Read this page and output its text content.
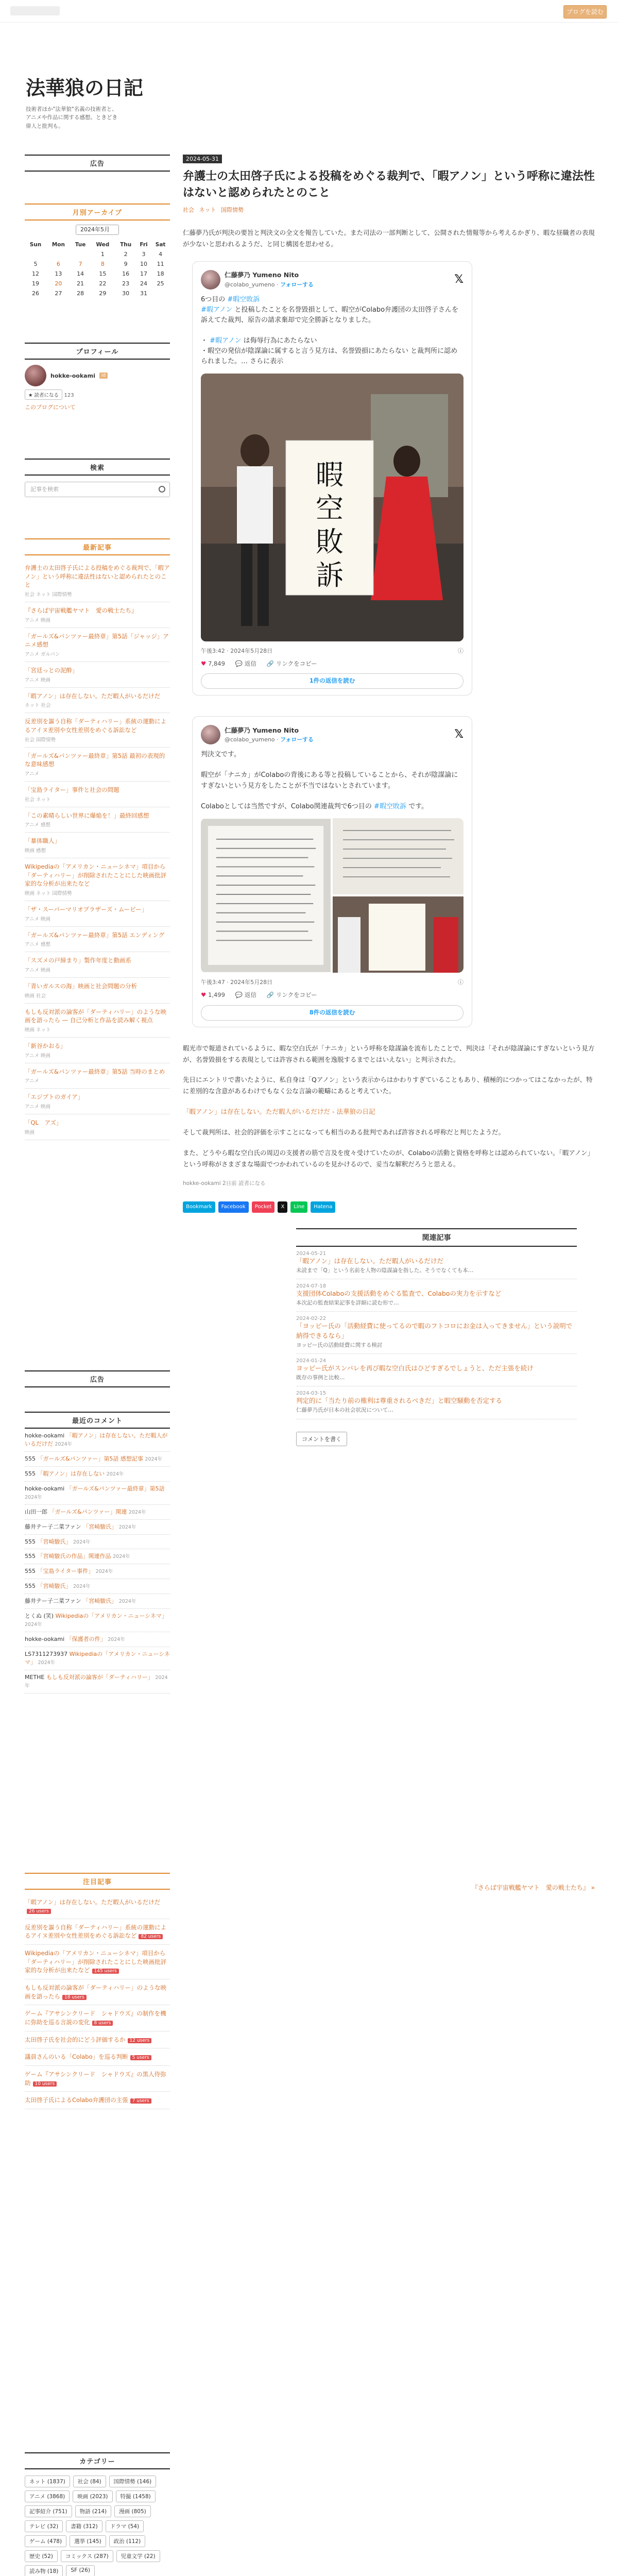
ブログを読む
法華狼の日記
技術者ほか"法華狼"名義の技術者と、アニメや作品に関する感想。ときどき偉人と批判も。
広告
月別アーカイブ
2024年5月
Sun	Mon	Tue	Wed	Thu	Fri	Sat
			1	2	3	4
5	6	7	8	9	10	11
12	13	14	15	16	17	18
19	20	21	22	23	24	25
26	27	28	29	30	31	
プロフィール
hokke-ookami	id
★ 読者になる 123
このブログについて
検索
記事を検索
最新記事
弁護士の太田啓子氏による投稿をめぐる裁判で、「暇アノン」という呼称に違法性はないと認められたとのこと
社会 ネット 国際情勢
『さらば宇宙戦艦ヤマト　愛の戦士たち』
アニメ 映画
「ガールズ&パンツァー最終章」第5話「ジャッジ」アニメ感想
アニメ ガルパン
「宮廷っとの泥酔」
アニメ 映画
「暇アノン」は存在しない。ただ暇人がいるだけだ
ネット 社会
反差別を謳う自称「ダーティハリー」系統の運動によるアイヌ差別や女性差別をめぐる訴訟など
社会 国際情勢
「ガールズ&パンツァー最終章」第5話 最初の表現的な意味感想
アニメ
「宝島ライター」事件と社会の問題
社会 ネット
「この素晴らしい世界に爆焔を！」最終回感想
アニメ 感想
「暴体職人」
映画 感想
Wikipediaの「アメリカン・ニューシネマ」項目から「ダーティハリー」が削除されたことにした映画批評家的な分析が出来たなど
映画 ネット 国際情勢
「ザ・スーパーマリオブラザーズ・ムービー」
アニメ 映画
「ガールズ&パンツァー最終章」第5話 エンディング
アニメ 感想
「スズメの戸締まり」製作年度と動画系
アニメ 映画
「青いガルスの海」映画と社会問題の分析
映画 社会
もしも反対派の論客が「ダーティハリー」のような映画を語ったら — 自己分析と作品を読み解く視点
映画 ネット
「新谷かおる」
アニメ 映画
「ガールズ&パンツァー最終章」第5話 当時のまとめ
アニメ
「エジプトのガイア」
アニメ 映画
「QL　アズ」
映画
広告
最近のコメント
hokke-ookami 「暇アノン」は存在しない。ただ暇人がいるだけだ 2024年
555 「ガールズ&パンツァー」第5話 感想記事 2024年
555 「暇アノン」は存在しない 2024年
hokke-ookami 「ガールズ&パンツァー最終章」第5話 2024年
山田一郎 「ガールズ&パンツァー」関連 2024年
藤井テー子二菜ファン 「宮崎駿氏」 2024年
555 「宮崎駿氏」 2024年
555 「宮崎駿氏の作品」関連作品 2024年
555 「宝島ライター事件」 2024年
555 「宮崎駿氏」 2024年
藤井テー子二菜ファン 「宮崎駿氏」 2024年
とくぬ (笑) Wikipediaの「アメリカン・ニューシネマ」 2024年
hokke-ookami 「保護者の件」 2024年
LS7311273937 Wikipediaの「アメリカン・ニューシネマ」 2024年
METHE もしも反対派の論客が「ダーティハリー」 2024年
注目記事
「暇アノン」は存在しない。ただ暇人がいるだけだ26 users
反差別を謳う自称「ダーティハリー」系統の運動によるアイヌ差別や女性差別をめぐる訴訟など 82 users
Wikipediaの「アメリカン・ニューシネマ」項目から「ダーティハリー」が削除されたことにした映画批評家的な分析が出来たなど 145 users
もしも反対派の論客が「ダーティハリー」のような映画を語ったら 18 users
ゲーム『アサシンクリード　シャドウズ』の制作を機に弥助を巡る言説の変化 8 users
太田啓子氏を社会的にどう評価するか 12 users
議員さんのいる「Colabo」を巡る判断 5 users
ゲーム『アサシンクリード　シャドウズ』の黒人侍弥助 10 users
太田啓子氏によるColabo弁護団の主張 7 users
カテゴリー
ネット (1837)	社会 (84)	国際情勢 (146)
アニメ (3868)	映画 (2023)	特撮 (1458)
記事紹介 (751)	物語 (214)	漫画 (805)
テレビ (32)	書籍 (312)	ドラマ (54)
ゲーム (478)	選挙 (145)	政治 (112)
歴史 (52)	コミックス (287)	児童文学 (22)
読み物 (18)	SF (26)
2024-05-31
弁護士の太田啓子氏による投稿をめぐる裁判で、「暇アノン」という呼称に違法性はないと認められたとのこと
社会 ネット 国際情勢

仁藤夢乃氏が判決の要旨と判決文の全文を報告していた。また司法の一部判断として、公開された情報等から考えるかぎり、暇な昼職者の表現が少ないと思われるようだ、と同じ構図を思わせる。

仁藤夢乃 Yumeno Nito
@colabo_yumeno · フォローする	𝕏
6つ目の #暇空敗訴
#暇アノン と投稿したことを名誉毀損として、暇空がColabo弁護団の太田啓子さんを訴えてた裁判、原告の請求棄却で完全勝訴となりました。

・ #暇アノン は侮辱行為にあたらない
・暇空の発信が陰謀論に属すると言う見方は、名誉毀損にあたらない と裁判所に認められました。… さらに表示
暇
空
敗
訴
午後3:42 · 2024年5月28日	ⓘ
♥ 7,849 💬 返信 🔗 リンクをコピー
1件の返信を読む
仁藤夢乃 Yumeno Nito
@colabo_yumeno · フォローする	𝕏
判決文です。

暇空が「ナニカ」がColaboの背後にある等と投稿していることから、それが陰謀論にすぎないという見方をしたことが不当ではないとされています。

Colaboとしては当然ですが、Colabo関連裁判で6つ目の #暇空敗訴 です。
午後3:47 · 2024年5月28日	ⓘ
♥ 1,499 💬 返信 🔗 リンクをコピー
8件の返信を読む

暇光市で報道されているように、暇な空白氏が「ナニカ」という呼称を陰謀論を流布したことで、判決は「それが陰謀論にすぎないという見方が、名誉毀損をする表現としては許容される範囲を逸脱するまでとはいえない」と判示された。

先日にエントリで書いたように、私自身は「Qアノン」という表示からはかわりすぎていることもあり、積極的につかってはこなかったが、特に差別的な含意があるわけでもなく公な言論の範疇にあると考えていた。

「暇アノン」は存在しない。ただ暇人がいるだけだ - 法華狼の日記

そして裁判所は、社会的評価を示すことになっても相当のある批判であれば許容される呼称だと判じたようだ。

また、どうやら暇な空白氏の周辺の支援者の筋で言及を度々受けていたのが、Colaboの活動と資格を呼称とは認められていない。「暇アノン」という呼称がさまざまな場面でつかわれているのを見かけるので、妥当な解釈だろうと思える。

hokke-ookami 2日前 読者になる
Bookmark	Facebook	Pocket	X	Line	Hatena
関連記事
2024-05-21
「暇アノン」は存在しない。ただ暇人がいるだけだ
未読まで「Q」という名前を人物の陰謀論を指した。そうでなくても本…
2024-07-18
支援団体Colaboの支援活動をめぐる監査で、Colaboの実力を示すなど
本次記の監査結果記事を詳細に読む形で…
2024-02-22
「ヨッピー氏の「活動経費に使ってるので暇のフトコロにお金は入ってきません」という説明で納得できるなら」
ヨッピー氏の活動経費に関する検討
2024-01-24
ヨッピー氏がスンバレを再び暇な空白氏はひどすぎるでしょうと、ただ主張を続け
既存の事例と比較…
2024-03-15
判定的に「当たり前の権利は尊重されるべきだ」と暇空騒動を否定する
仁藤夢乃氏が日本の社会状況について…
コメントを書く
『さらば宇宙戦艦ヤマト　愛の戦士たち』 »
